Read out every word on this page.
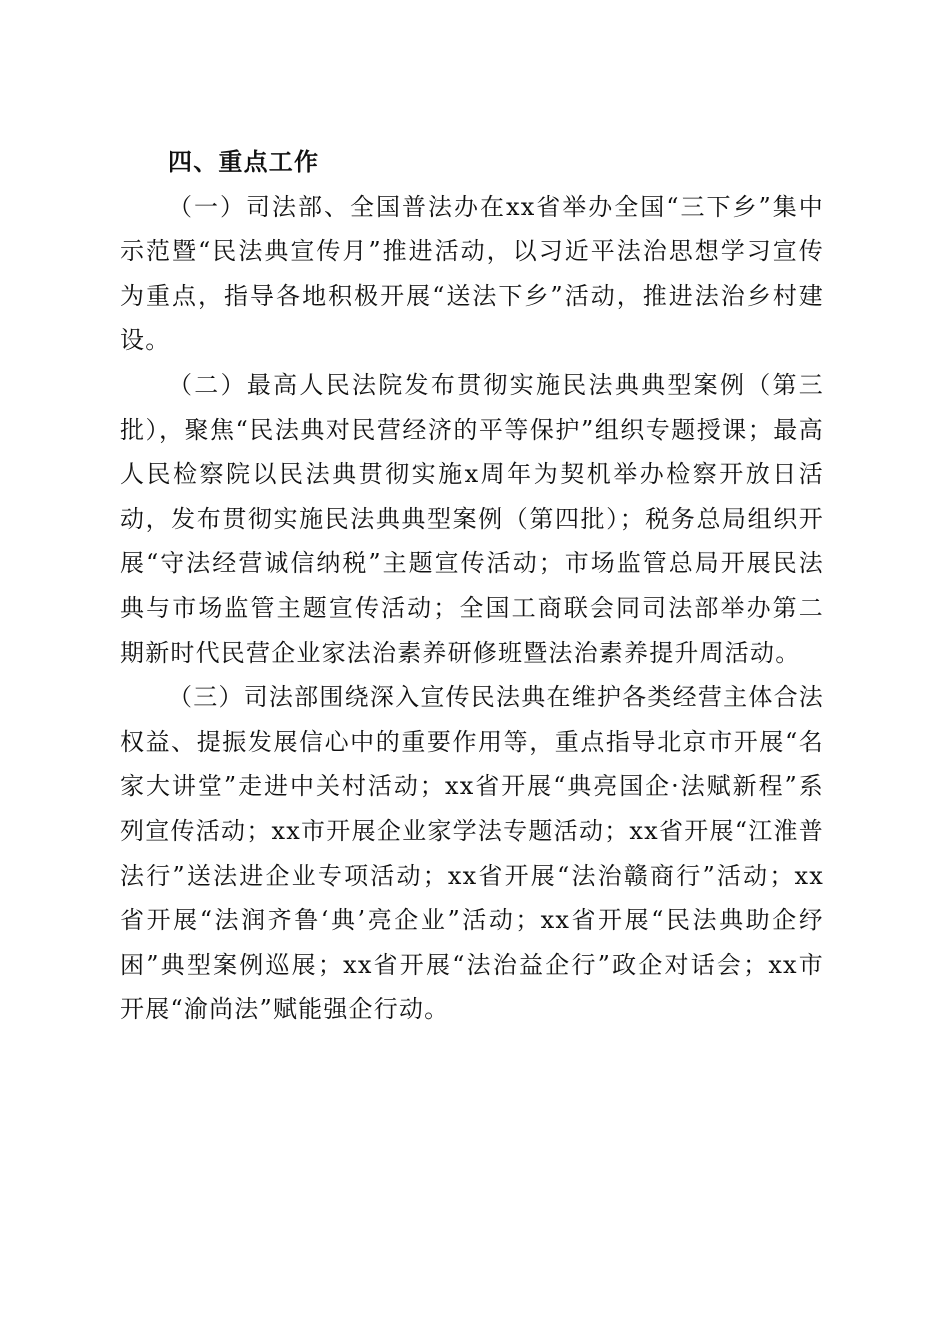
四、重点工作

（一）司法部、全国普法办在xx省举办全国“三下乡”集中示范暨“民法典宣传月”推进活动，以习近平法治思想学习宣传为重点，指导各地积极开展“送法下乡”活动，推进法治乡村建设。

（二）最高人民法院发布贯彻实施民法典典型案例（第三批），聚焦“民法典对民营经济的平等保护”组织专题授课；最高人民检察院以民法典贯彻实施x周年为契机举办检察开放日活动，发布贯彻实施民法典典型案例（第四批）；税务总局组织开展“守法经营诚信纳税”主题宣传活动；市场监管总局开展民法典与市场监管主题宣传活动；全国工商联会同司法部举办第二期新时代民营企业家法治素养研修班暨法治素养提升周活动。

（三）司法部围绕深入宣传民法典在维护各类经营主体合法权益、提振发展信心中的重要作用等，重点指导北京市开展“名家大讲堂”走进中关村活动；xx省开展“典亮国企·法赋新程”系列宣传活动；xx市开展企业家学法专题活动；xx省开展“江淮普法行”送法进企业专项活动；xx省开展“法治赣商行”活动；xx省开展“法润齐鲁‘典’亮企业”活动；xx省开展“民法典助企纾困”典型案例巡展；xx省开展“法治益企行”政企对话会；xx市开展“渝尚法”赋能强企行动。
